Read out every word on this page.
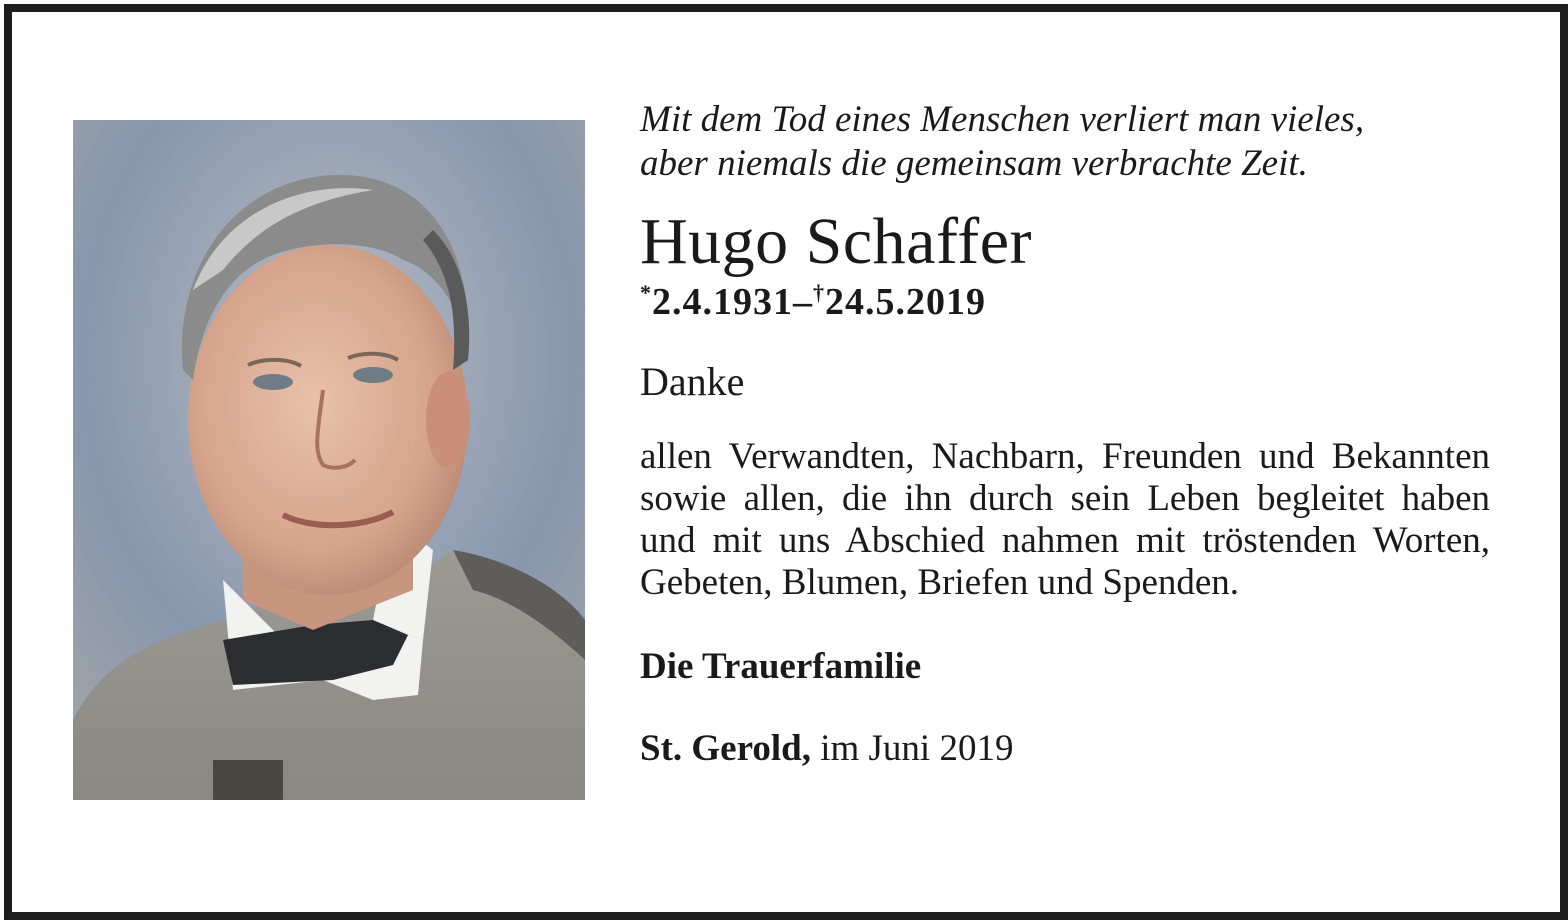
Mit dem Tod eines Menschen verliert man vieles,
aber niemals die gemeinsam verbrachte Zeit.

Hugo Schaffer

*2.4.1931–†24.5.2019

Danke

allen Verwandten, Nachbarn, Freunden und Bekannten sowie allen, die ihn durch sein Leben begleitet haben und mit uns Abschied nahmen mit tröstenden Worten, Gebeten, Blumen, Briefen und Spenden.

Die Trauerfamilie

St. Gerold, im Juni 2019
